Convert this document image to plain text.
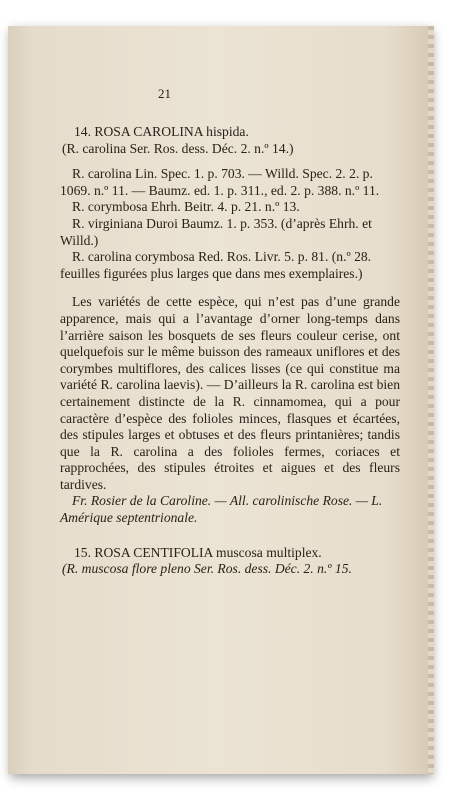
21

14. ROSA CAROLINA hispida.

(R. carolina Ser. Ros. dess. Déc. 2. n.º 14.)

R. carolina Lin. Spec. 1. p. 703. — Willd. Spec. 2. 2. p. 1069. n.º 11. — Baumz. ed. 1. p. 311., ed. 2. p. 388. n.º 11.

R. corymbosa Ehrh. Beitr. 4. p. 21. n.º 13.

R. virginiana Duroi Baumz. 1. p. 353. (d’après Ehrh. et Willd.)

R. carolina corymbosa Red. Ros. Livr. 5. p. 81. (n.º 28. feuilles figurées plus larges que dans mes exemplaires.)

Les variétés de cette espèce, qui n’est pas d’une grande apparence, mais qui a l’avantage d’orner long-temps dans l’arrière saison les bosquets de ses fleurs couleur cerise, ont quelquefois sur le même buisson des rameaux uniflores et des corymbes multiflores, des calices lisses (ce qui constitue ma variété R. carolina laevis). — D’ailleurs la R. carolina est bien certainement distincte de la R. cinnamomea, qui a pour caractère d’espèce des folioles minces, flasques et écartées, des stipules larges et obtuses et des fleurs printanières; tandis que la R. carolina a des folioles fermes, coriaces et rapprochées, des stipules étroites et aigues et des fleurs tardives.

Fr. Rosier de la Caroline. — All. carolinische Rose. — L. Amérique septentrionale.

15. ROSA CENTIFOLIA muscosa multiplex.

(R. muscosa flore pleno Ser. Ros. dess. Déc. 2. n.º 15.
